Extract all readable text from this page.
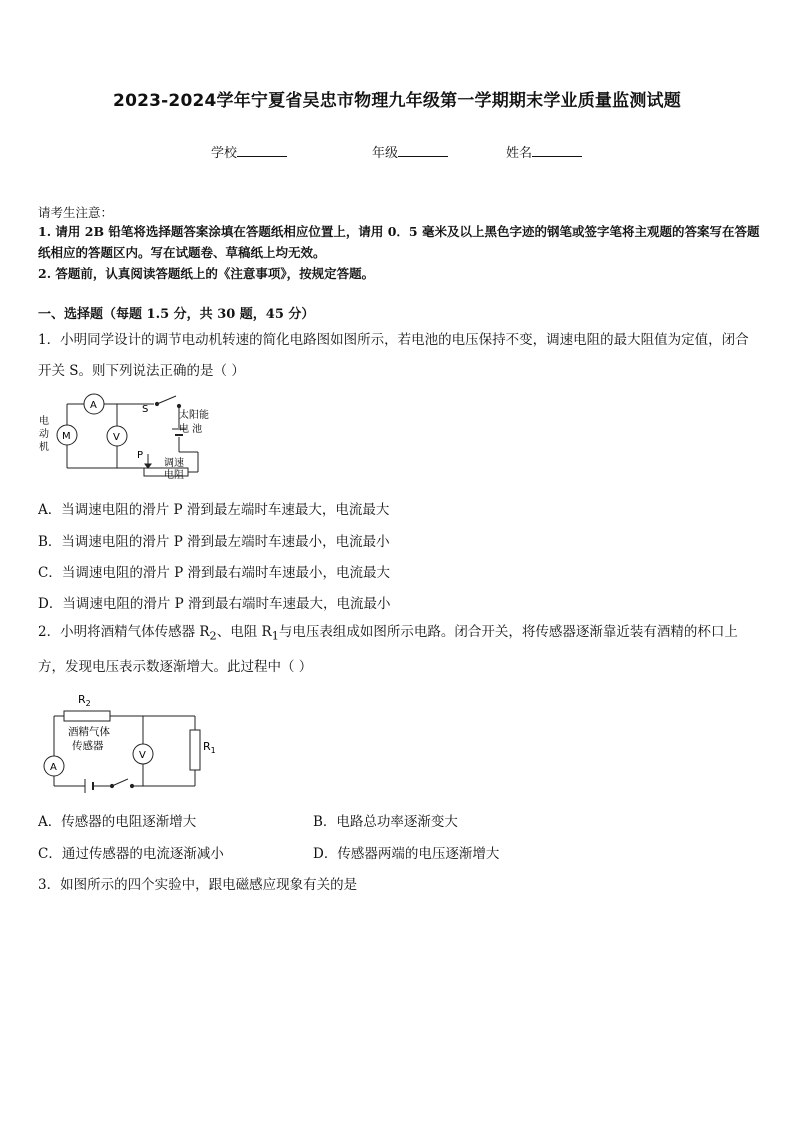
2023-2024学年宁夏省吴忠市物理九年级第一学期期末学业质量监测试题
学校	年级	姓名
请考生注意：
1. 请用 2B 铅笔将选择题答案涂填在答题纸相应位置上，请用 0．5 毫米及以上黑色字迹的钢笔或签字笔将主观题的答案写在答题纸相应的答题区内。写在试题卷、草稿纸上均无效。
2. 答题前，认真阅读答题纸上的《注意事项》，按规定答题。
一、选择题（每题 1.5 分，共 30 题，45 分）
1．小明同学设计的调节电动机转速的简化电路图如图所示，若电池的电压保持不变，调速电阻的最大阻值为定值，闭合开关 S。则下列说法正确的是（ ）
S
太阳能
电 池
A
V
M
电
动
机
P
调速
电阻
A．当调速电阻的滑片 P 滑到最左端时车速最大，电流最大
B．当调速电阻的滑片 P 滑到最左端时车速最小，电流最小
C．当调速电阻的滑片 P 滑到最右端时车速最小，电流最大
D．当调速电阻的滑片 P 滑到最右端时车速最大，电流最小
2．小明将酒精气体传感器 $R_2$、电阻 $R_1$与电压表组成如图所示电路。闭合开关，将传感器逐渐靠近装有酒精的杯口上方，发现电压表示数逐渐增大。此过程中（ ）
$R_2$
酒精气体
传感器	$R_1$
V
A
A．传感器的电阻逐渐增大	B．电路总功率逐渐变大
C．通过传感器的电流逐渐减小	D．传感器两端的电压逐渐增大
3．如图所示的四个实验中，跟电磁感应现象有关的是
